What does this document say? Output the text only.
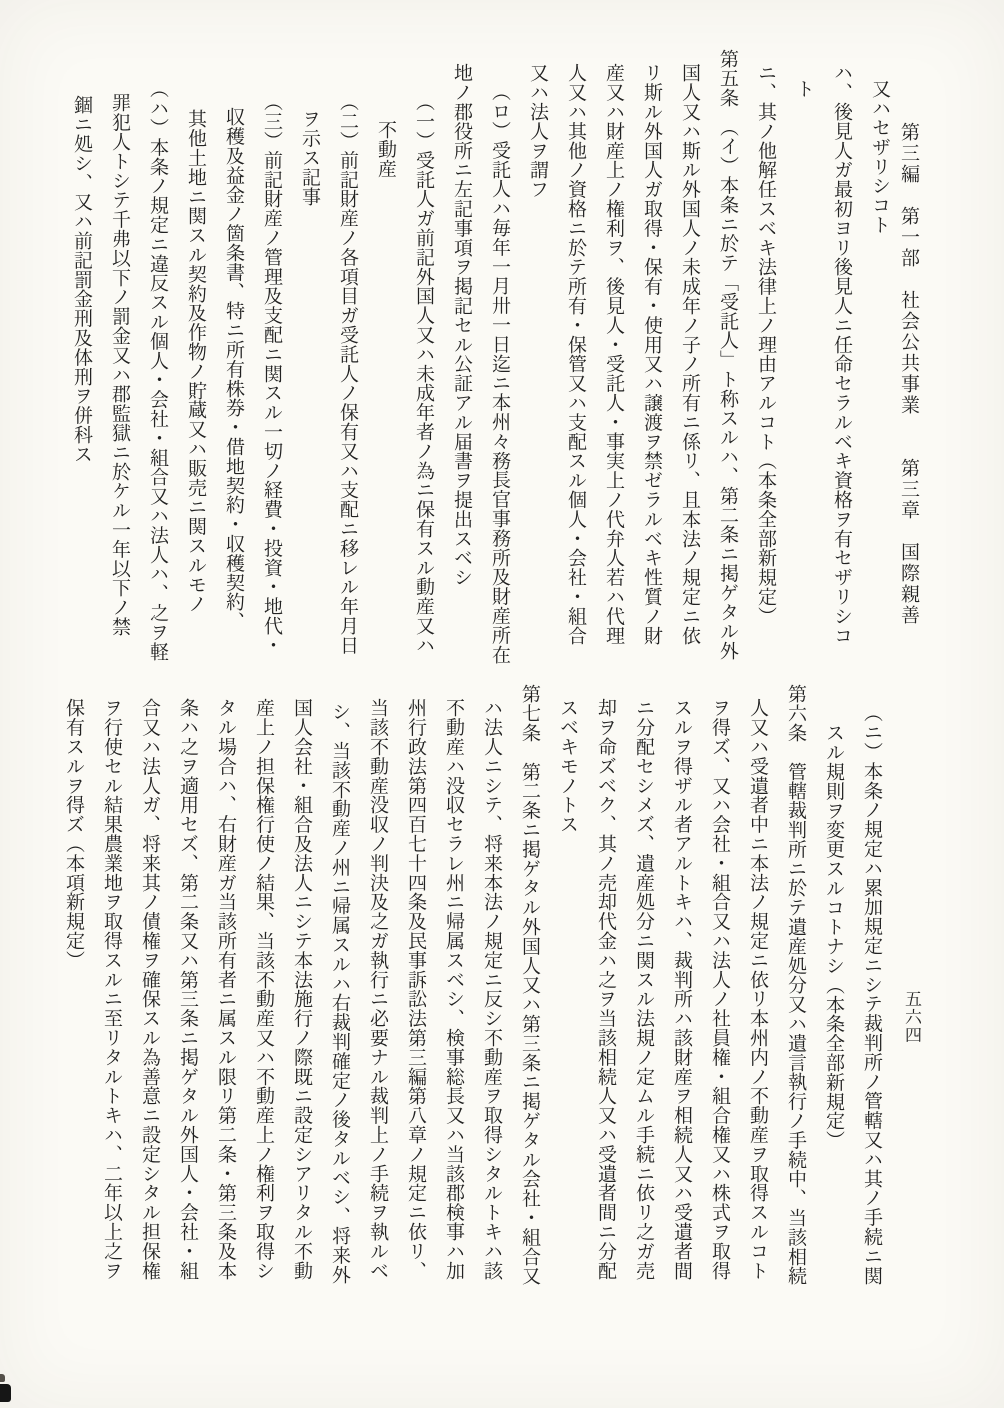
第三編　第一部　社会公共事業　　第三章　国際親善
五六四
又ハセザリシコト
ハ、後見人ガ最初ヨリ後見人ニ任命セラルベキ資格ヲ有セザリシコ
ト
ニ、其ノ他解任スベキ法律上ノ理由アルコト（本条全部新規定）
第五条　（イ）本条ニ於テ「受託人」ト称スルハ、第二条ニ掲ゲタル外
国人又ハ斯ル外国人ノ未成年ノ子ノ所有ニ係リ、且本法ノ規定ニ依
リ斯ル外国人ガ取得・保有・使用又ハ譲渡ヲ禁ゼラルベキ性質ノ財
産又ハ財産上ノ権利ヲ、後見人・受託人・事実上ノ代弁人若ハ代理
人又ハ其他ノ資格ニ於テ所有・保管又ハ支配スル個人・会社・組合
又ハ法人ヲ謂フ
（ロ）受託人ハ毎年一月卅一日迄ニ本州々務長官事務所及財産所在
地ノ郡役所ニ左記事項ヲ掲記セル公証アル届書ヲ提出スベシ
（一）受託人ガ前記外国人又ハ未成年者ノ為ニ保有スル動産又ハ
不動産
（二）前記財産ノ各項目ガ受託人ノ保有又ハ支配ニ移レル年月日
ヲ示ス記事
（三）前記財産ノ管理及支配ニ関スル一切ノ経費・投資・地代・
収穫及益金ノ箇条書、特ニ所有株券・借地契約・収穫契約、
其他土地ニ関スル契約及作物ノ貯蔵又ハ販売ニ関スルモノ
（ハ）本条ノ規定ニ違反スル個人・会社・組合又ハ法人ハ、之ヲ軽
罪犯人トシテ千弗以下ノ罰金又ハ郡監獄ニ於ケル一年以下ノ禁
錮ニ処シ、又ハ前記罰金刑及体刑ヲ併科ス
（ニ）本条ノ規定ハ累加規定ニシテ裁判所ノ管轄又ハ其ノ手続ニ関
スル規則ヲ変更スルコトナシ（本条全部新規定）
第六条　管轄裁判所ニ於テ遺産処分又ハ遺言執行ノ手続中、当該相続
人又ハ受遺者中ニ本法ノ規定ニ依リ本州内ノ不動産ヲ取得スルコト
ヲ得ズ、又ハ会社・組合又ハ法人ノ社員権・組合権又ハ株式ヲ取得
スルヲ得ザル者アルトキハ、裁判所ハ該財産ヲ相続人又ハ受遺者間
ニ分配セシメズ、遺産処分ニ関スル法規ノ定ムル手続ニ依リ之ガ売
却ヲ命ズベク、其ノ売却代金ハ之ヲ当該相続人又ハ受遺者間ニ分配
スベキモノトス
第七条　第二条ニ掲ゲタル外国人又ハ第三条ニ掲ゲタル会社・組合又
ハ法人ニシテ、将来本法ノ規定ニ反シ不動産ヲ取得シタルトキハ該
不動産ハ没収セラレ州ニ帰属スベシ、検事総長又ハ当該郡検事ハ加
州行政法第四百七十四条及民事訴訟法第三編第八章ノ規定ニ依リ、
当該不動産没収ノ判決及之ガ執行ニ必要ナル裁判上ノ手続ヲ執ルベ
シ、当該不動産ノ州ニ帰属スルハ右裁判確定ノ後タルベシ、将来外
国人会社・組合及法人ニシテ本法施行ノ際既ニ設定シアリタル不動
産上ノ担保権行使ノ結果、当該不動産又ハ不動産上ノ権利ヲ取得シ
タル場合ハ、右財産ガ当該所有者ニ属スル限リ第二条・第三条及本
条ハ之ヲ適用セズ、第二条又ハ第三条ニ掲ゲタル外国人・会社・組
合又ハ法人ガ、将来其ノ債権ヲ確保スル為善意ニ設定シタル担保権
ヲ行使セル結果農業地ヲ取得スルニ至リタルトキハ、二年以上之ヲ
保有スルヲ得ズ（本項新規定）
